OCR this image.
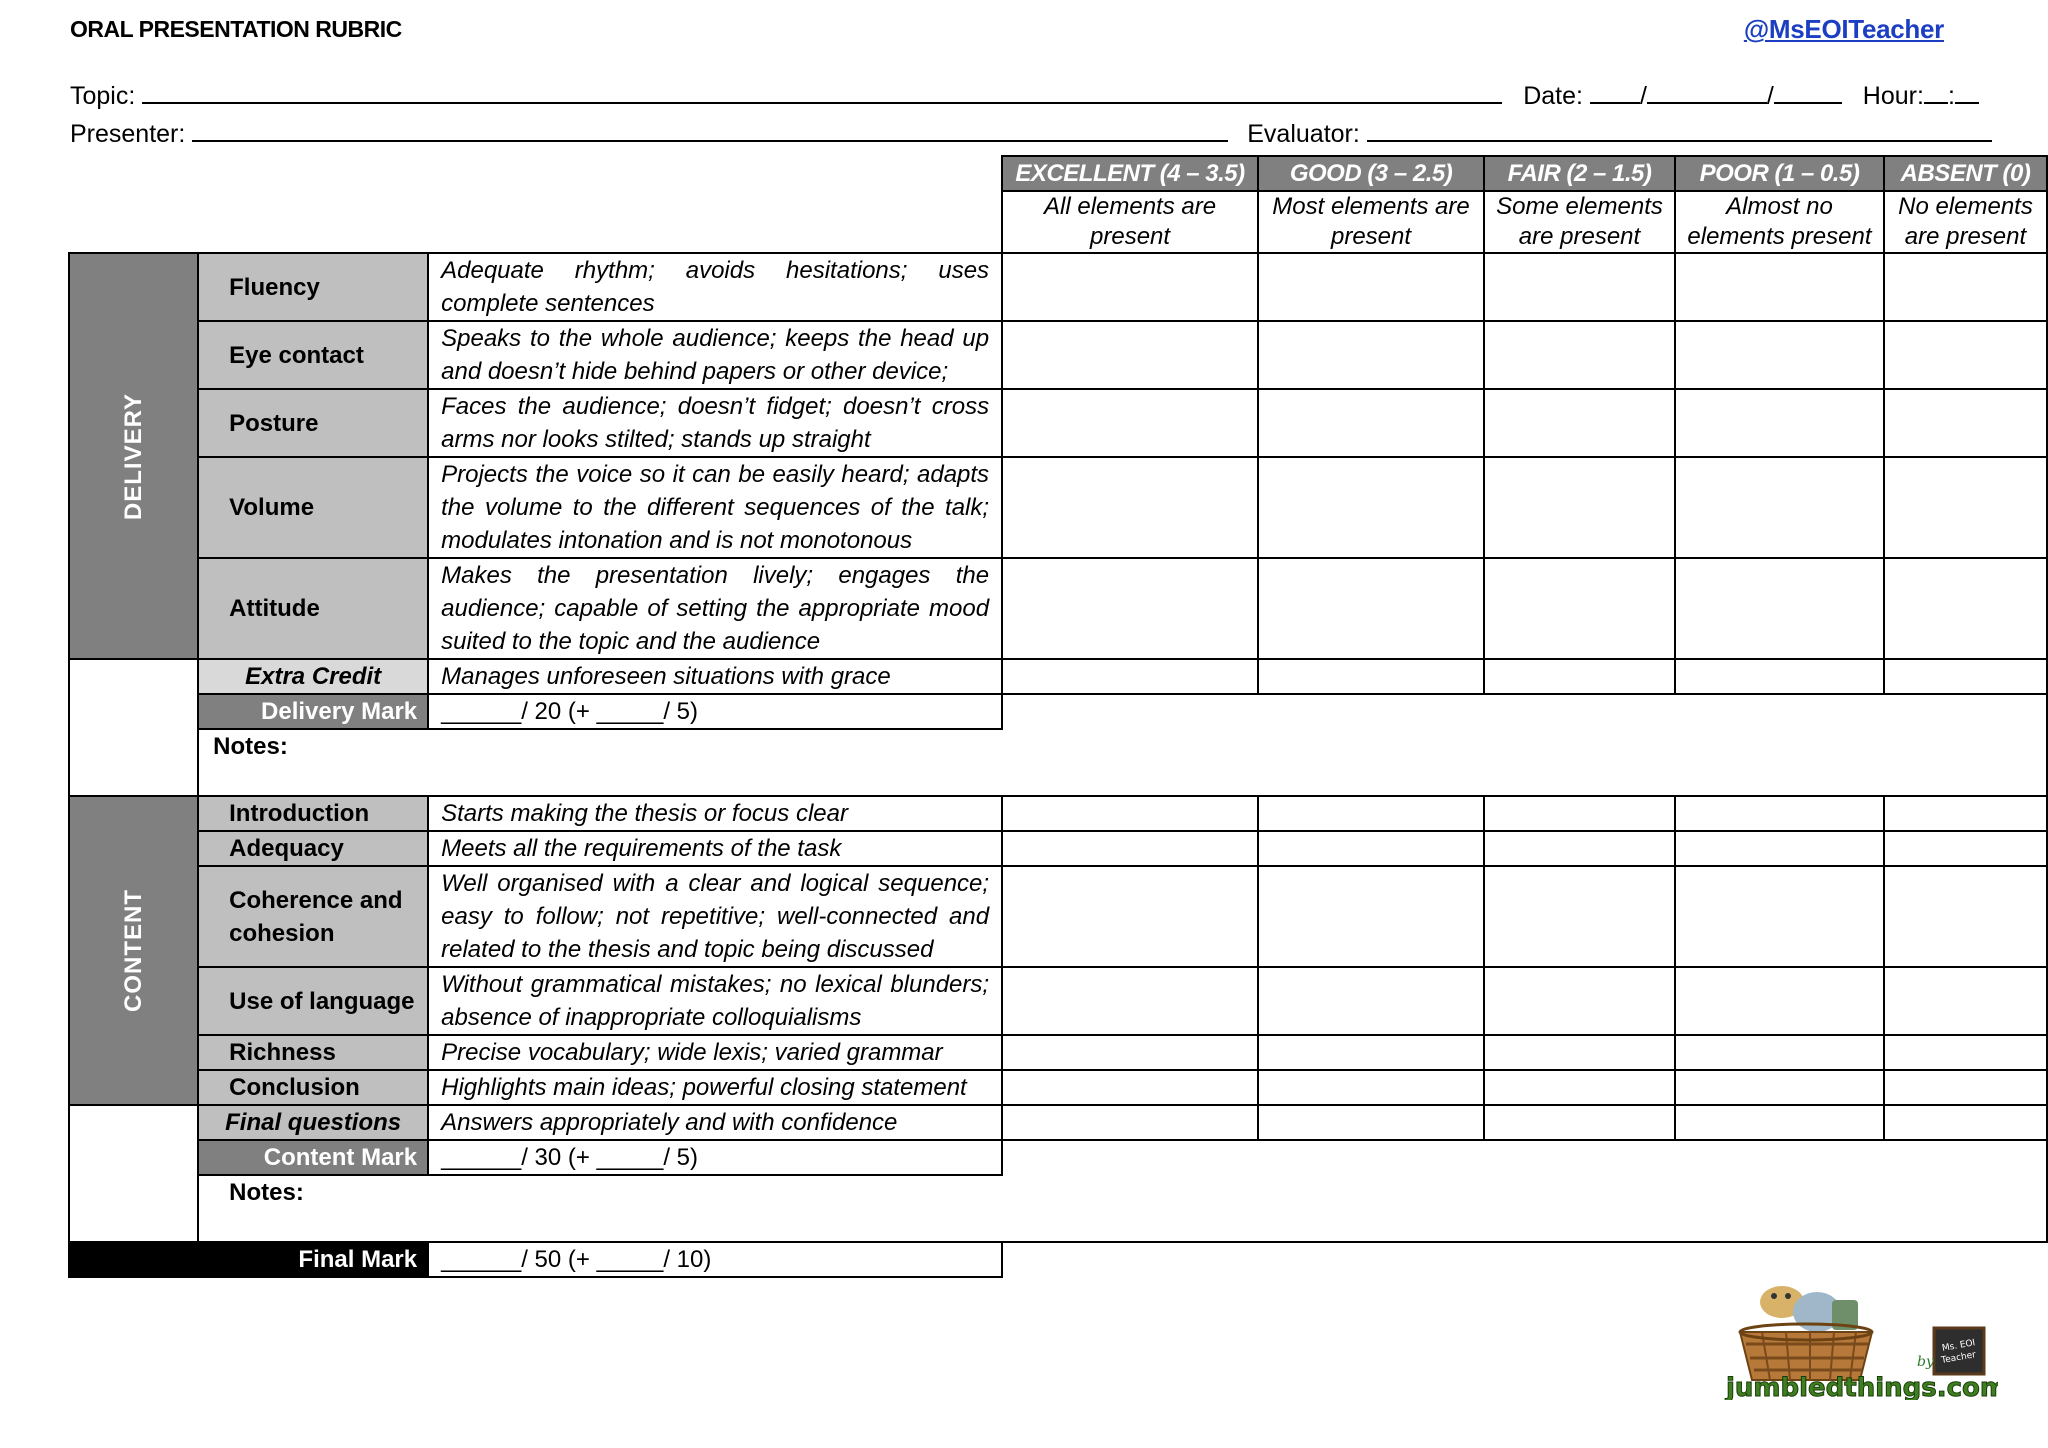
ORAL PRESENTATION RUBRIC	@MsEOITeacher
Topic:	Date: /	/	Hour: :
Presenter:	Evaluator:
			EXCELLENT (4 – 3.5)	GOOD (3 – 2.5)	FAIR (2 – 1.5)	POOR (1 – 0.5)	ABSENT (0)
			All elements are present	Most elements are present	Some elements are present	Almost no elements present	No elements are present
DELIVERY	Fluency	Adequate rhythm; avoids hesitations; uses complete sentences					
	Eye contact	Speaks to the whole audience; keeps the head up and doesn’t hide behind papers or other device;					
	Posture	Faces the audience; doesn’t fidget; doesn’t cross arms nor looks stilted; stands up straight					
	Volume	Projects the voice so it can be easily heard; adapts the volume to the different sequences of the talk; modulates intonation and is not monotonous					
	Attitude	Makes the presentation lively; engages the audience; capable of setting the appropriate mood suited to the topic and the audience					
	Extra Credit	Manages unforeseen situations with grace					
	Delivery Mark	______/ 20 (+ _____/ 5)					
	Notes:						
CONTENT	Introduction	Starts making the thesis or focus clear					
	Adequacy	Meets all the requirements of the task					
	Coherence and cohesion	Well organised with a clear and logical sequence; easy to follow; not repetitive; well-connected and related to the thesis and topic being discussed					
	Use of language	Without grammatical mistakes; no lexical blunders; absence of inappropriate colloquialisms					
	Richness	Precise vocabulary; wide lexis; varied grammar					
	Conclusion	Highlights main ideas; powerful closing statement					
	Final questions	Answers appropriately and with confidence					
	Content Mark	______/ 30 (+ _____/ 5)					
	Notes:						
Final Mark		______/ 50 (+ _____/ 10)					
Ms. EOI
Teacher
by
jumbledthings.com
